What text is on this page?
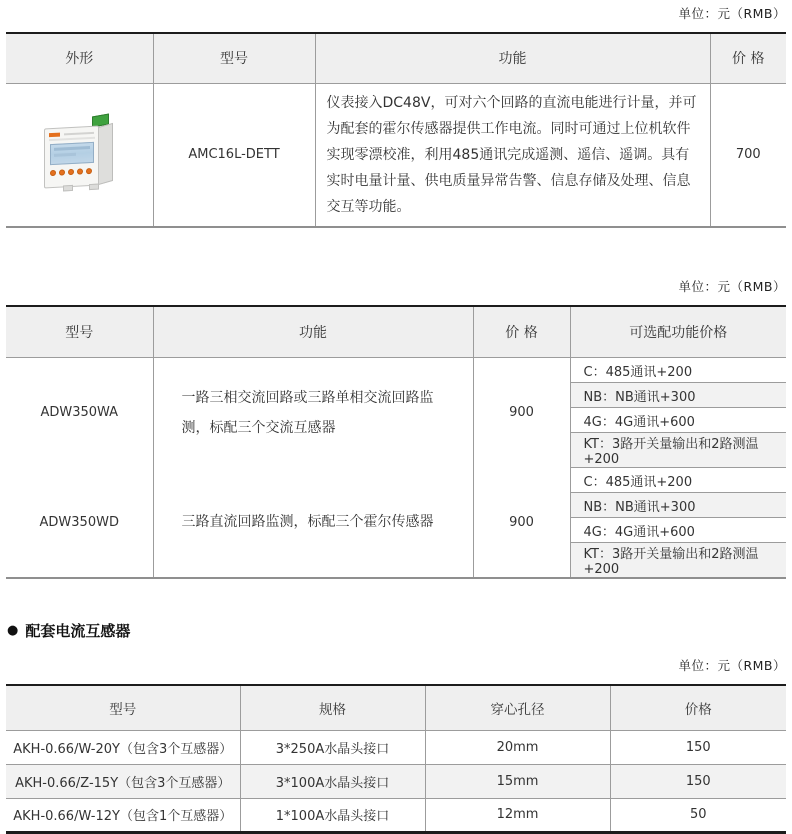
单位：元（RMB）
外形	型号	功能	价 格

	AMC16L-DETT	仪表接入DC48V，可对六个回路的直流电能进行计量，并可为配套的霍尔传感器提供工作电流。同时可通过上位机软件实现零漂校准，利用485通讯完成遥测、遥信、遥调。具有实时电量计量、供电质量异常告警、信息存储及处理、信息交互等功能。	700
单位：元（RMB）
型号	功能	价 格	可选配功能价格
ADW350WA	一路三相交流回路或三路单相交流回路监测，标配三个交流互感器	900	C：485通讯+200
			NB：NB通讯+300
			4G：4G通讯+600
			KT：3路开关量输出和2路测温+200
ADW350WD	三路直流回路监测，标配三个霍尔传感器	900	C：485通讯+200
			NB：NB通讯+300
			4G：4G通讯+600
			KT：3路开关量输出和2路测温+200
● 配套电流互感器
单位：元（RMB）
型号	规格	穿心孔径	价格
AKH-0.66/W-20Y（包含3个互感器）	3*250A水晶头接口	20mm	150
AKH-0.66/Z-15Y（包含3个互感器）	3*100A水晶头接口	15mm	150
AKH-0.66/W-12Y（包含1个互感器）	1*100A水晶头接口	12mm	50
